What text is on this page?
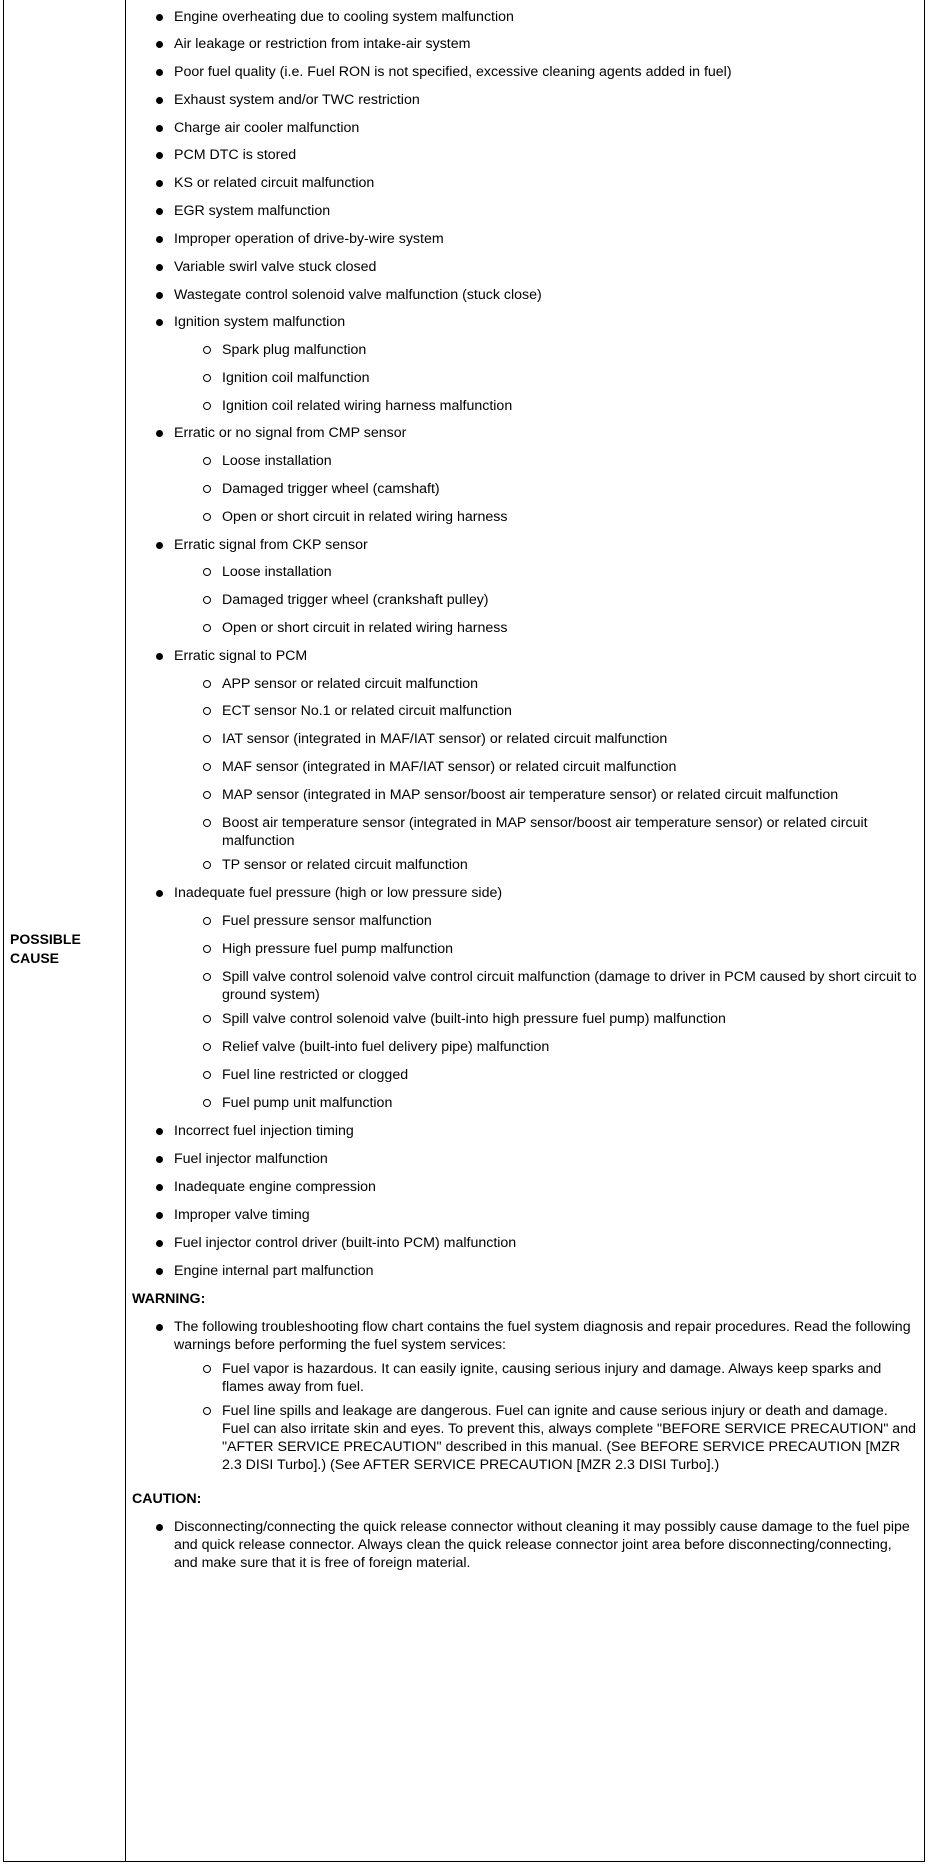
POSSIBLE
CAUSE
Engine overheating due to cooling system malfunction
Air leakage or restriction from intake-air system
Poor fuel quality (i.e. Fuel RON is not specified, excessive cleaning agents added in fuel)
Exhaust system and/or TWC restriction
Charge air cooler malfunction
PCM DTC is stored
KS or related circuit malfunction
EGR system malfunction
Improper operation of drive-by-wire system
Variable swirl valve stuck closed
Wastegate control solenoid valve malfunction (stuck close)
Ignition system malfunction
Spark plug malfunction
Ignition coil malfunction
Ignition coil related wiring harness malfunction
Erratic or no signal from CMP sensor
Loose installation
Damaged trigger wheel (camshaft)
Open or short circuit in related wiring harness
Erratic signal from CKP sensor
Loose installation
Damaged trigger wheel (crankshaft pulley)
Open or short circuit in related wiring harness
Erratic signal to PCM
APP sensor or related circuit malfunction
ECT sensor No.1 or related circuit malfunction
IAT sensor (integrated in MAF/IAT sensor) or related circuit malfunction
MAF sensor (integrated in MAF/IAT sensor) or related circuit malfunction
MAP sensor (integrated in MAP sensor/boost air temperature sensor) or related circuit malfunction
Boost air temperature sensor (integrated in MAP sensor/boost air temperature sensor) or related circuit malfunction
TP sensor or related circuit malfunction
Inadequate fuel pressure (high or low pressure side)
Fuel pressure sensor malfunction
High pressure fuel pump malfunction
Spill valve control solenoid valve control circuit malfunction (damage to driver in PCM caused by short circuit to ground system)
Spill valve control solenoid valve (built-into high pressure fuel pump) malfunction
Relief valve (built-into fuel delivery pipe) malfunction
Fuel line restricted or clogged
Fuel pump unit malfunction
Incorrect fuel injection timing
Fuel injector malfunction
Inadequate engine compression
Improper valve timing
Fuel injector control driver (built-into PCM) malfunction
Engine internal part malfunction
WARNING:
The following troubleshooting flow chart contains the fuel system diagnosis and repair procedures. Read the following warnings before performing the fuel system services:
Fuel vapor is hazardous. It can easily ignite, causing serious injury and damage. Always keep sparks and flames away from fuel.
Fuel line spills and leakage are dangerous. Fuel can ignite and cause serious injury or death and damage. Fuel can also irritate skin and eyes. To prevent this, always complete "BEFORE SERVICE PRECAUTION" and "AFTER SERVICE PRECAUTION" described in this manual. (See BEFORE SERVICE PRECAUTION [MZR 2.3 DISI Turbo].) (See AFTER SERVICE PRECAUTION [MZR 2.3 DISI Turbo].)
CAUTION:
Disconnecting/connecting the quick release connector without cleaning it may possibly cause damage to the fuel pipe and quick release connector. Always clean the quick release connector joint area before disconnecting/connecting, and make sure that it is free of foreign material.
